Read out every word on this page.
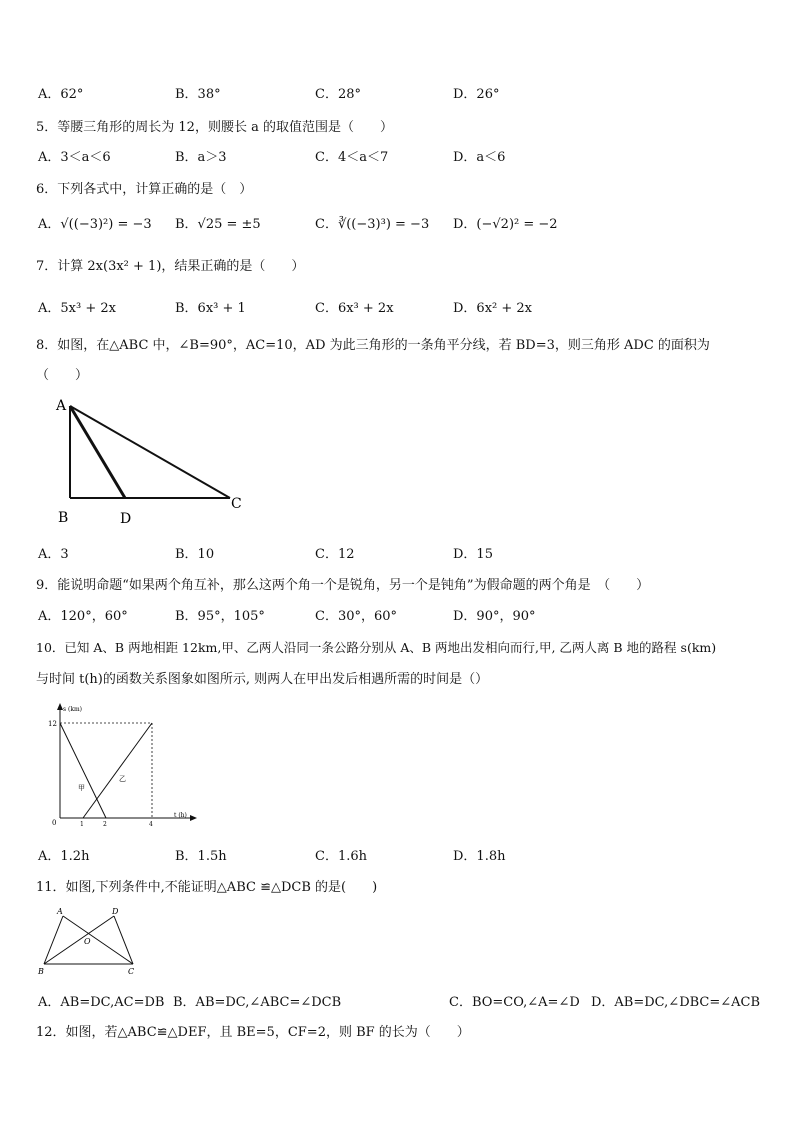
A．62°	B．38°	C．28°	D．26°
5．等腰三角形的周长为 12，则腰长 a 的取值范围是（　　）
A．3＜a＜6	B．a＞3	C．4＜a＜7	D．a＜6
6．下列各式中，计算正确的是（　）
A．√((−3)²) = −3 B．√25 = ±5	C．∛((−3)³) = −3 D．(−√2)² = −2
7．计算 2x(3x² + 1)，结果正确的是（　　）
A．5x³ + 2x	B．6x³ + 1	C．6x³ + 2x	D．6x² + 2x
8．如图，在△ABC 中，∠B=90°，AC=10，AD 为此三角形的一条角平分线，若 BD=3，则三角形 ADC 的面积为
（　　）
A
B	D
C
A．3	B．10	C．12	D．15
9．能说明命题“如果两个角互补，那么这两个角一个是锐角，另一个是钝角”为假命题的两个角是　（　　）
A．120°，60°	B．95°，105°	C．30°，60°	D．90°，90°
10．已知 A、B 两地相距 12km,甲、乙两人沿同一条公路分别从 A、B 两地出发相向而行,甲, 乙两人离 B 地的路程 s(km)
与时间 t(h)的函数关系图象如图所示, 则两人在甲出发后相遇所需的时间是（）
s (km)
t (h)
12
0	1	2	4
甲
乙
A．1.2h	B．1.5h	C．1.6h	D．1.8h
11．如图,下列条件中,不能证明△ABC ≌△DCB 的是(　　)
A	D
O
B	C
A．AB=DC,AC=DB B．AB=DC,∠ABC=∠DCB	C．BO=CO,∠A=∠D D．AB=DC,∠DBC=∠ACB
12．如图，若△ABC≌△DEF，且 BE=5，CF=2，则 BF 的长为（　　）
